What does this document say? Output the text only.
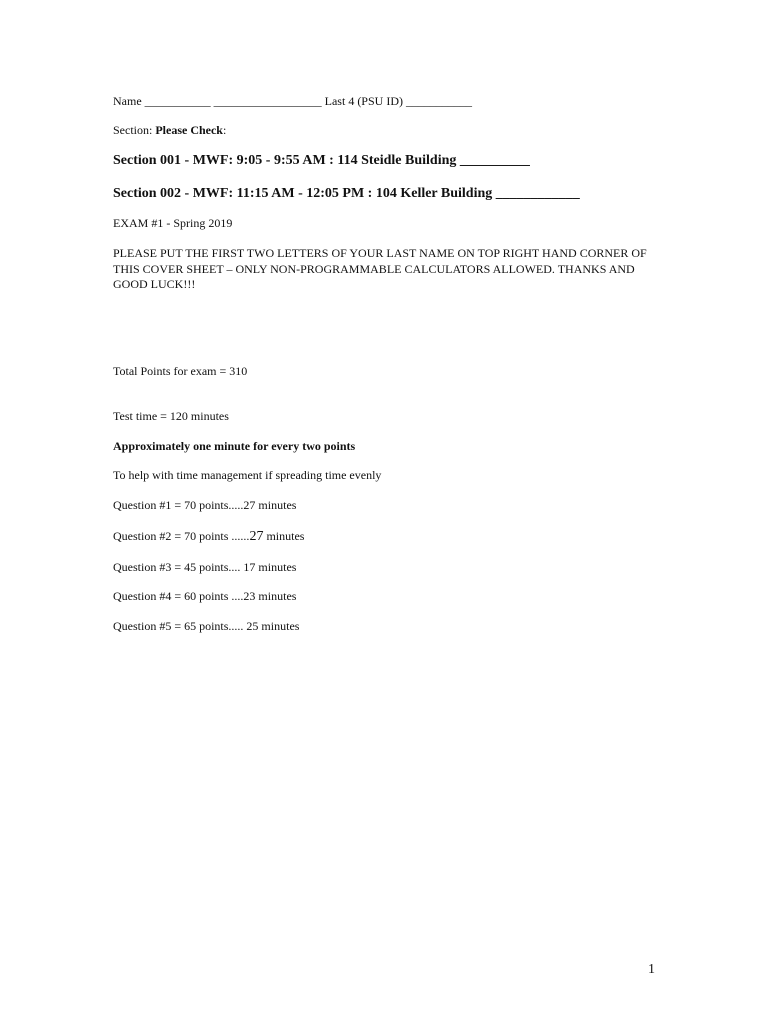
Name ___________ __________________ Last 4 (PSU ID) ___________
Section: Please Check:
Section 001 - MWF: 9:05 - 9:55 AM : 114 Steidle Building __________
Section 002 - MWF: 11:15 AM - 12:05 PM : 104 Keller Building ____________
EXAM #1 - Spring 2019
PLEASE PUT THE FIRST TWO LETTERS OF YOUR LAST NAME ON TOP RIGHT HAND CORNER OF THIS COVER SHEET – ONLY NON-PROGRAMMABLE CALCULATORS ALLOWED. THANKS AND GOOD LUCK!!!
Total Points for exam = 310
Test time = 120 minutes
Approximately one minute for every two points
To help with time management if spreading time evenly
Question #1 = 70 points.....27 minutes
Question #2 = 70 points ......27 minutes
Question #3 = 45 points.... 17 minutes
Question #4 = 60 points ....23 minutes
Question #5 = 65 points..... 25 minutes
1
